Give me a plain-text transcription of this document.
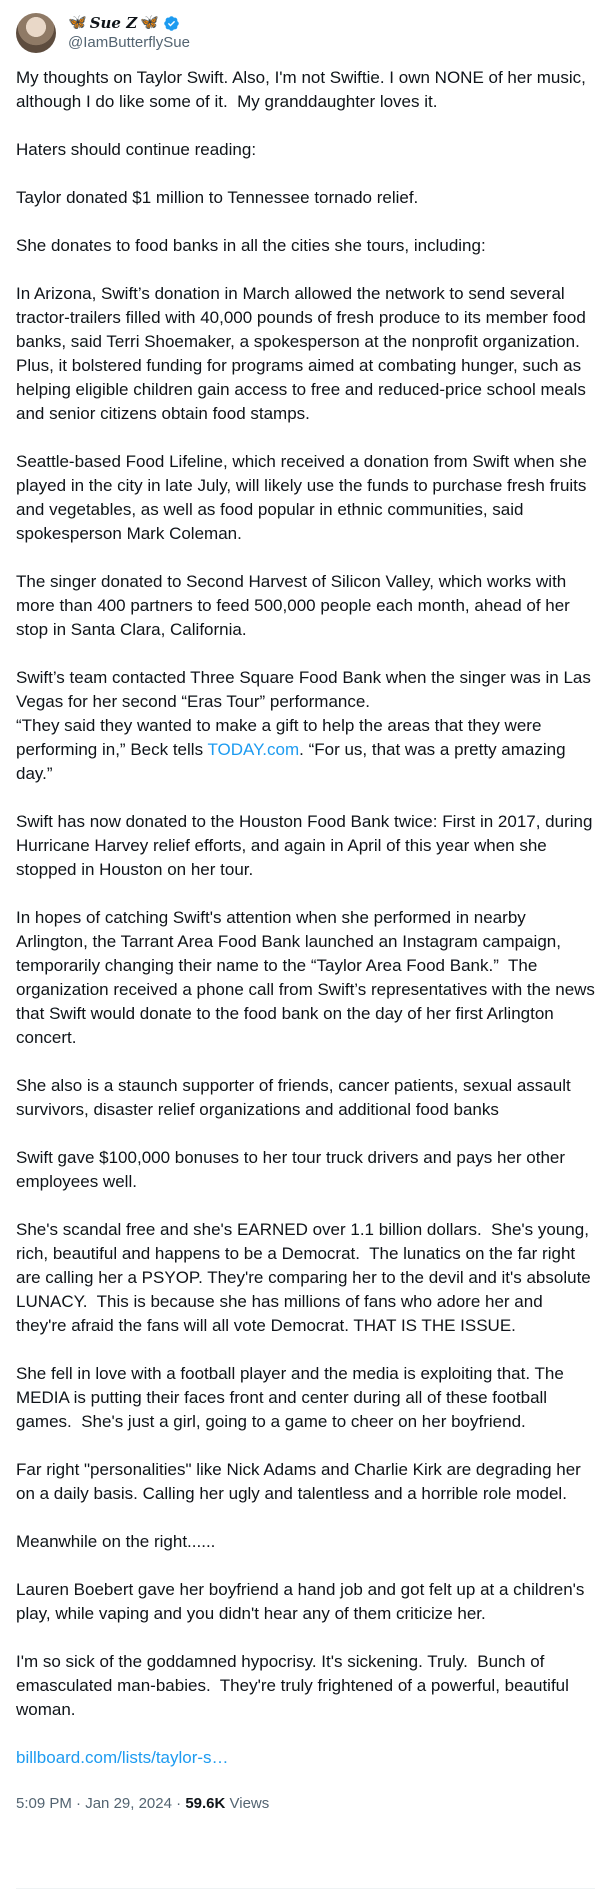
🦋 Sue Z 🦋
@IamButterflySue

My thoughts on Taylor Swift. Also, I'm not Swiftie. I own NONE of her music, although I do like some of it.  My granddaughter loves it.

Haters should continue reading:

Taylor donated $1 million to Tennessee tornado relief.

She donates to food banks in all the cities she tours, including:

In Arizona, Swift’s donation in March allowed the network to send several tractor-trailers filled with 40,000 pounds of fresh produce to its member food banks, said Terri Shoemaker, a spokesperson at the nonprofit organization. Plus, it bolstered funding for programs aimed at combating hunger, such as helping eligible children gain access to free and reduced-price school meals and senior citizens obtain food stamps.

Seattle-based Food Lifeline, which received a donation from Swift when she played in the city in late July, will likely use the funds to purchase fresh fruits and vegetables, as well as food popular in ethnic communities, said spokesperson Mark Coleman.

The singer donated to Second Harvest of Silicon Valley, which works with more than 400 partners to feed 500,000 people each month, ahead of her stop in Santa Clara, California.

Swift’s team contacted Three Square Food Bank when the singer was in Las Vegas for her second “Eras Tour” performance.
“They said they wanted to make a gift to help the areas that they were performing in,” Beck tells TODAY.com. “For us, that was a pretty amazing day.”

Swift has now donated to the Houston Food Bank twice: First in 2017, during Hurricane Harvey relief efforts, and again in April of this year when she stopped in Houston on her tour.

In hopes of catching Swift's attention when she performed in nearby Arlington, the Tarrant Area Food Bank launched an Instagram campaign, temporarily changing their name to the “Taylor Area Food Bank.”  The organization received a phone call from Swift’s representatives with the news that Swift would donate to the food bank on the day of her first Arlington concert.

She also is a staunch supporter of friends, cancer patients, sexual assault survivors, disaster relief organizations and additional food banks

Swift gave $100,000 bonuses to her tour truck drivers and pays her other employees well.

She's scandal free and she's EARNED over 1.1 billion dollars.  She's young, rich, beautiful and happens to be a Democrat.  The lunatics on the far right are calling her a PSYOP. They're comparing her to the devil and it's absolute LUNACY.  This is because she has millions of fans who adore her and they're afraid the fans will all vote Democrat. THAT IS THE ISSUE.

She fell in love with a football player and the media is exploiting that. The MEDIA is putting their faces front and center during all of these football games.  She's just a girl, going to a game to cheer on her boyfriend.

Far right "personalities" like Nick Adams and Charlie Kirk are degrading her on a daily basis. Calling her ugly and talentless and a horrible role model.

Meanwhile on the right......

Lauren Boebert gave her boyfriend a hand job and got felt up at a children's play, while vaping and you didn't hear any of them criticize her.

I'm so sick of the goddamned hypocrisy. It's sickening. Truly.  Bunch of emasculated man-babies.  They're truly frightened of a powerful, beautiful woman.

billboard.com/lists/taylor-s…

5:09 PM · Jan 29, 2024 · 59.6K Views
